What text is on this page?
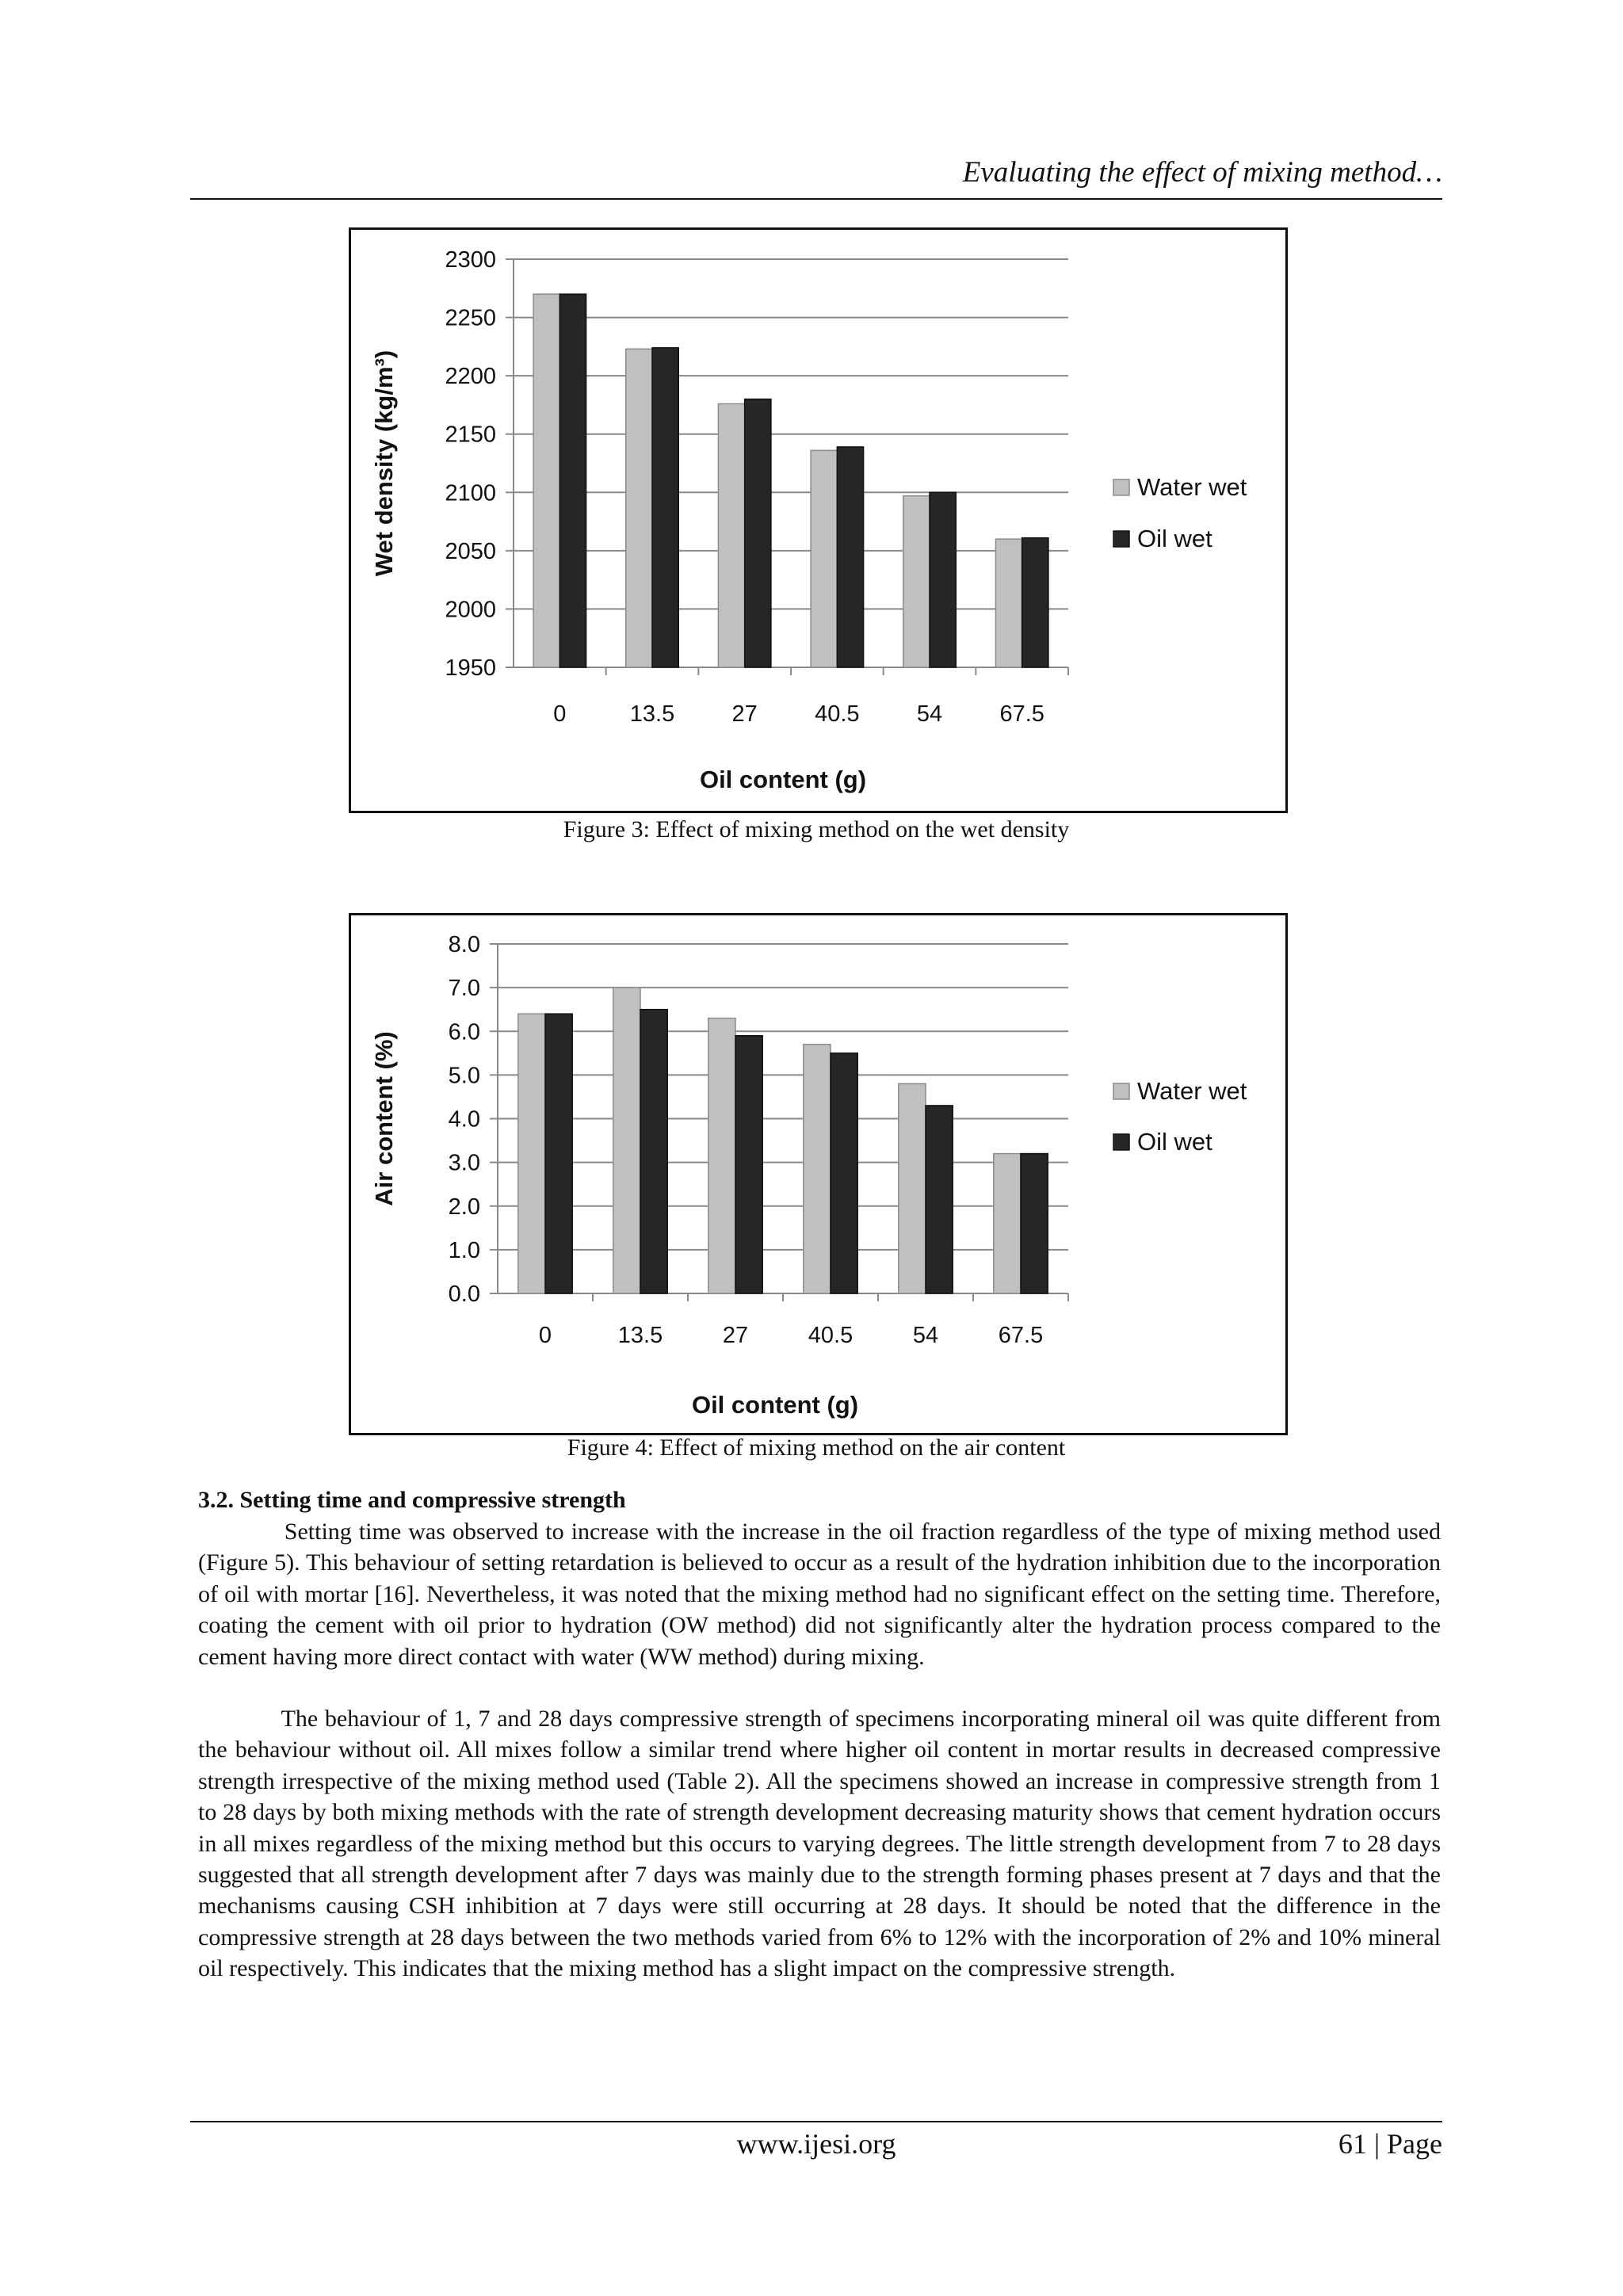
Evaluating the effect of mixing method…
1950
2000
2050
2100
2150
2200
2250
2300
0	13.5 27 40.5 54 67.5
Oil content (g)
Wet density (kg/m³)	Water wet
Oil wet
Figure 3: Effect of mixing method on the wet density
0.0
1.0
2.0
3.0
4.0
5.0
6.0
7.0
8.0
0	13.5	27	40.5	54	67.5
Oil content (g)
Air content (%)	Water wet
Oil wet
Figure 4: Effect of mixing method on the air content
3.2. Setting time and compressive strength

Setting time was observed to increase with the increase in the oil fraction regardless of the type of mixing method used (Figure 5). This behaviour of setting retardation is believed to occur as a result of the hydration inhibition due to the incorporation of oil with mortar [16]. Nevertheless, it was noted that the mixing method had no significant effect on the setting time. Therefore, coating the cement with oil prior to hydration (OW method) did not significantly alter the hydration process compared to the cement having more direct contact with water (WW method) during mixing.

The behaviour of 1, 7 and 28 days compressive strength of specimens incorporating mineral oil was quite different from the behaviour without oil. All mixes follow a similar trend where higher oil content in mortar results in decreased compressive strength irrespective of the mixing method used (Table 2). All the specimens showed an increase in compressive strength from 1 to 28 days by both mixing methods with the rate of strength development decreasing maturity shows that cement hydration occurs in all mixes regardless of the mixing method but this occurs to varying degrees. The little strength development from 7 to 28 days suggested that all strength development after 7 days was mainly due to the strength forming phases present at 7 days and that the mechanisms causing CSH inhibition at 7 days were still occurring at 28 days. It should be noted that the difference in the compressive strength at 28 days between the two methods varied from 6% to 12% with the incorporation of 2% and 10% mineral oil respectively. This indicates that the mixing method has a slight impact on the compressive strength.

www.ijesi.org	61 | Page
